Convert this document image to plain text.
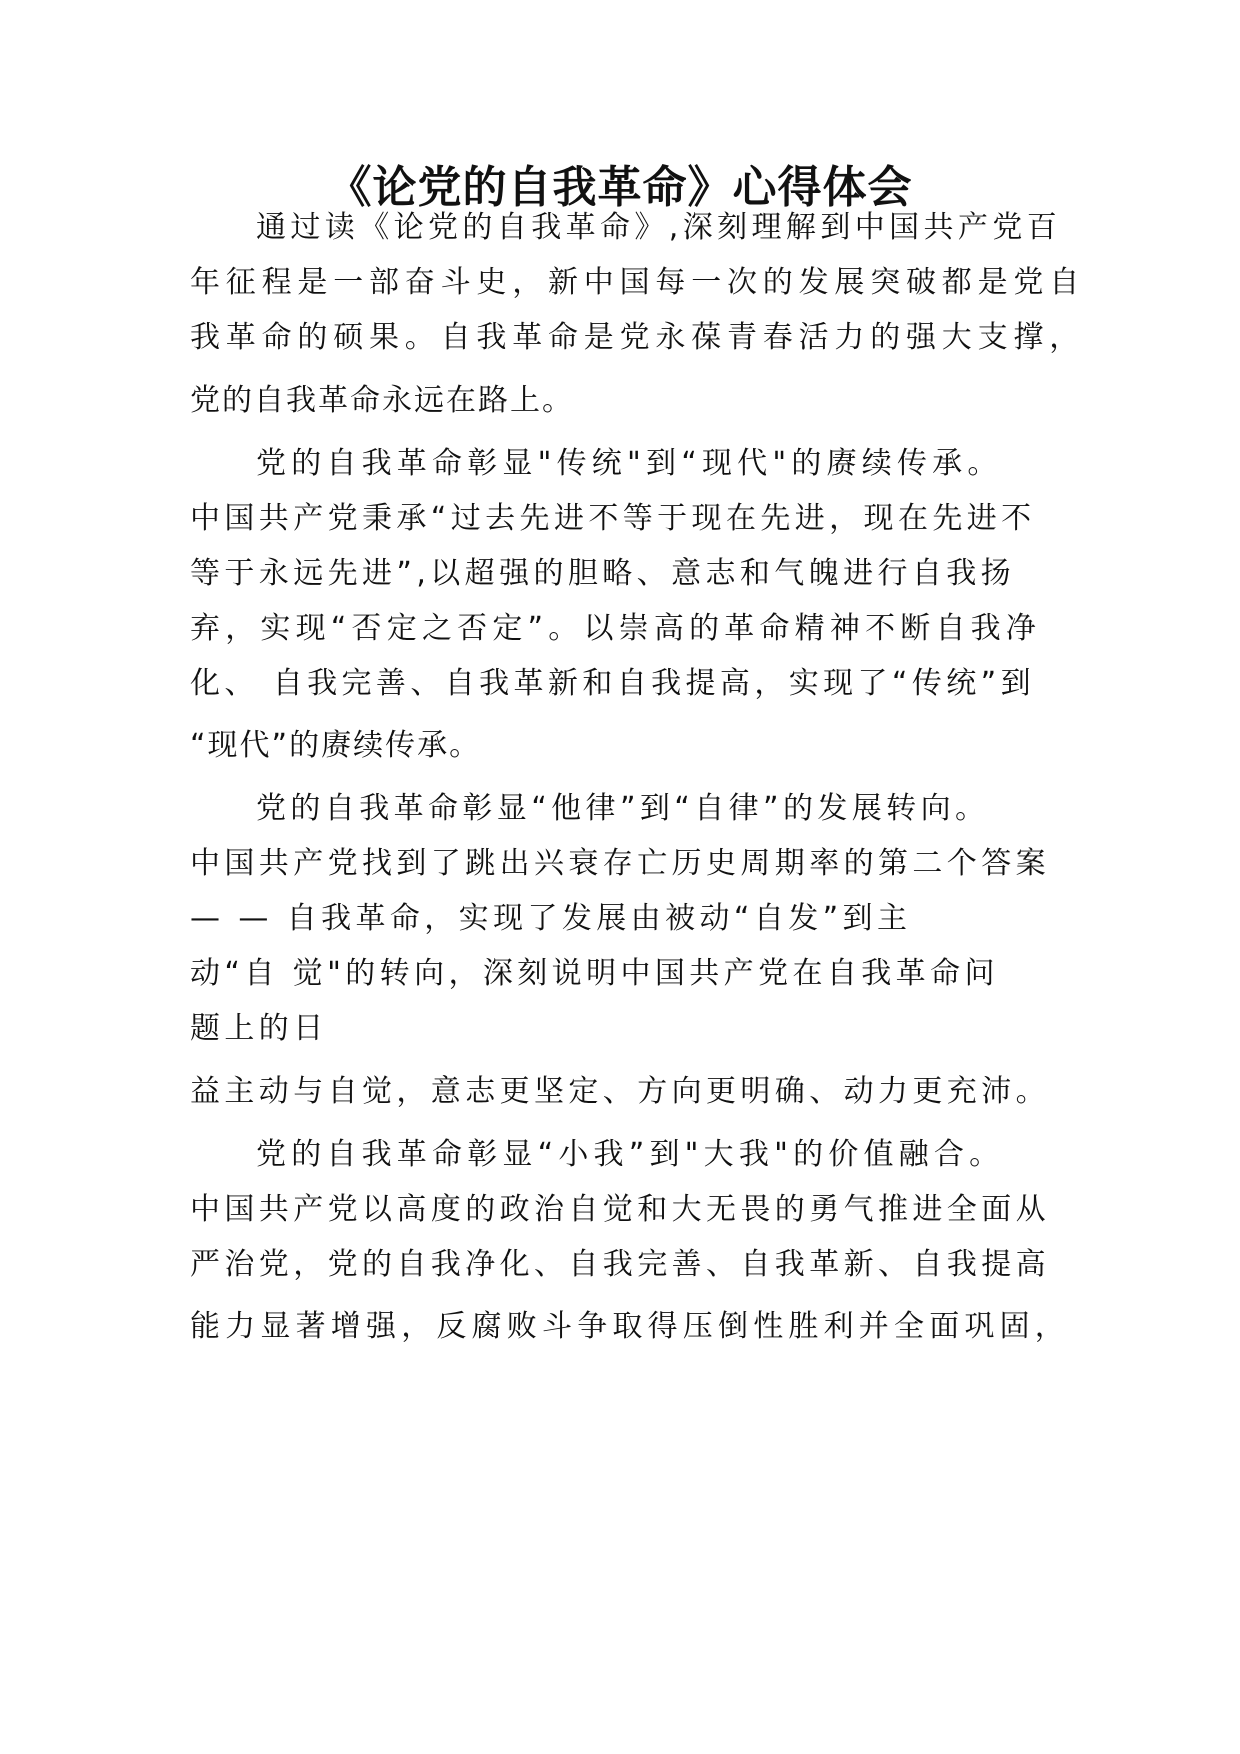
《论党的自我革命》心得体会

通过读《论党的自我革命》,深刻理解到中国共产党百

年征程是一部奋斗史，新中国每一次的发展突破都是党自

我革命的硕果。自我革命是党永葆青春活力的强大支撑，

党的自我革命永远在路上。

党的自我革命彰显"传统"到“现代"的赓续传承。

中国共产党秉承“过去先进不等于现在先进，现在先进不

等于永远先进”,以超强的胆略、意志和气魄进行自我扬

弃，实现“否定之否定”。以崇高的革命精神不断自我净

化、 自我完善、自我革新和自我提高，实现了“传统”到

“现代”的赓续传承。

党的自我革命彰显“他律”到“自律”的发展转向。

中国共产党找到了跳出兴衰存亡历史周期率的第二个答案

— — 自我革命，实现了发展由被动“自发”到主

动“自 觉"的转向，深刻说明中国共产党在自我革命问

题上的日

益主动与自觉，意志更坚定、方向更明确、动力更充沛。

党的自我革命彰显“小我”到"大我"的价值融合。

中国共产党以高度的政治自觉和大无畏的勇气推进全面从

严治党，党的自我净化、自我完善、自我革新、自我提高

能力显著增强，反腐败斗争取得压倒性胜利并全面巩固，
